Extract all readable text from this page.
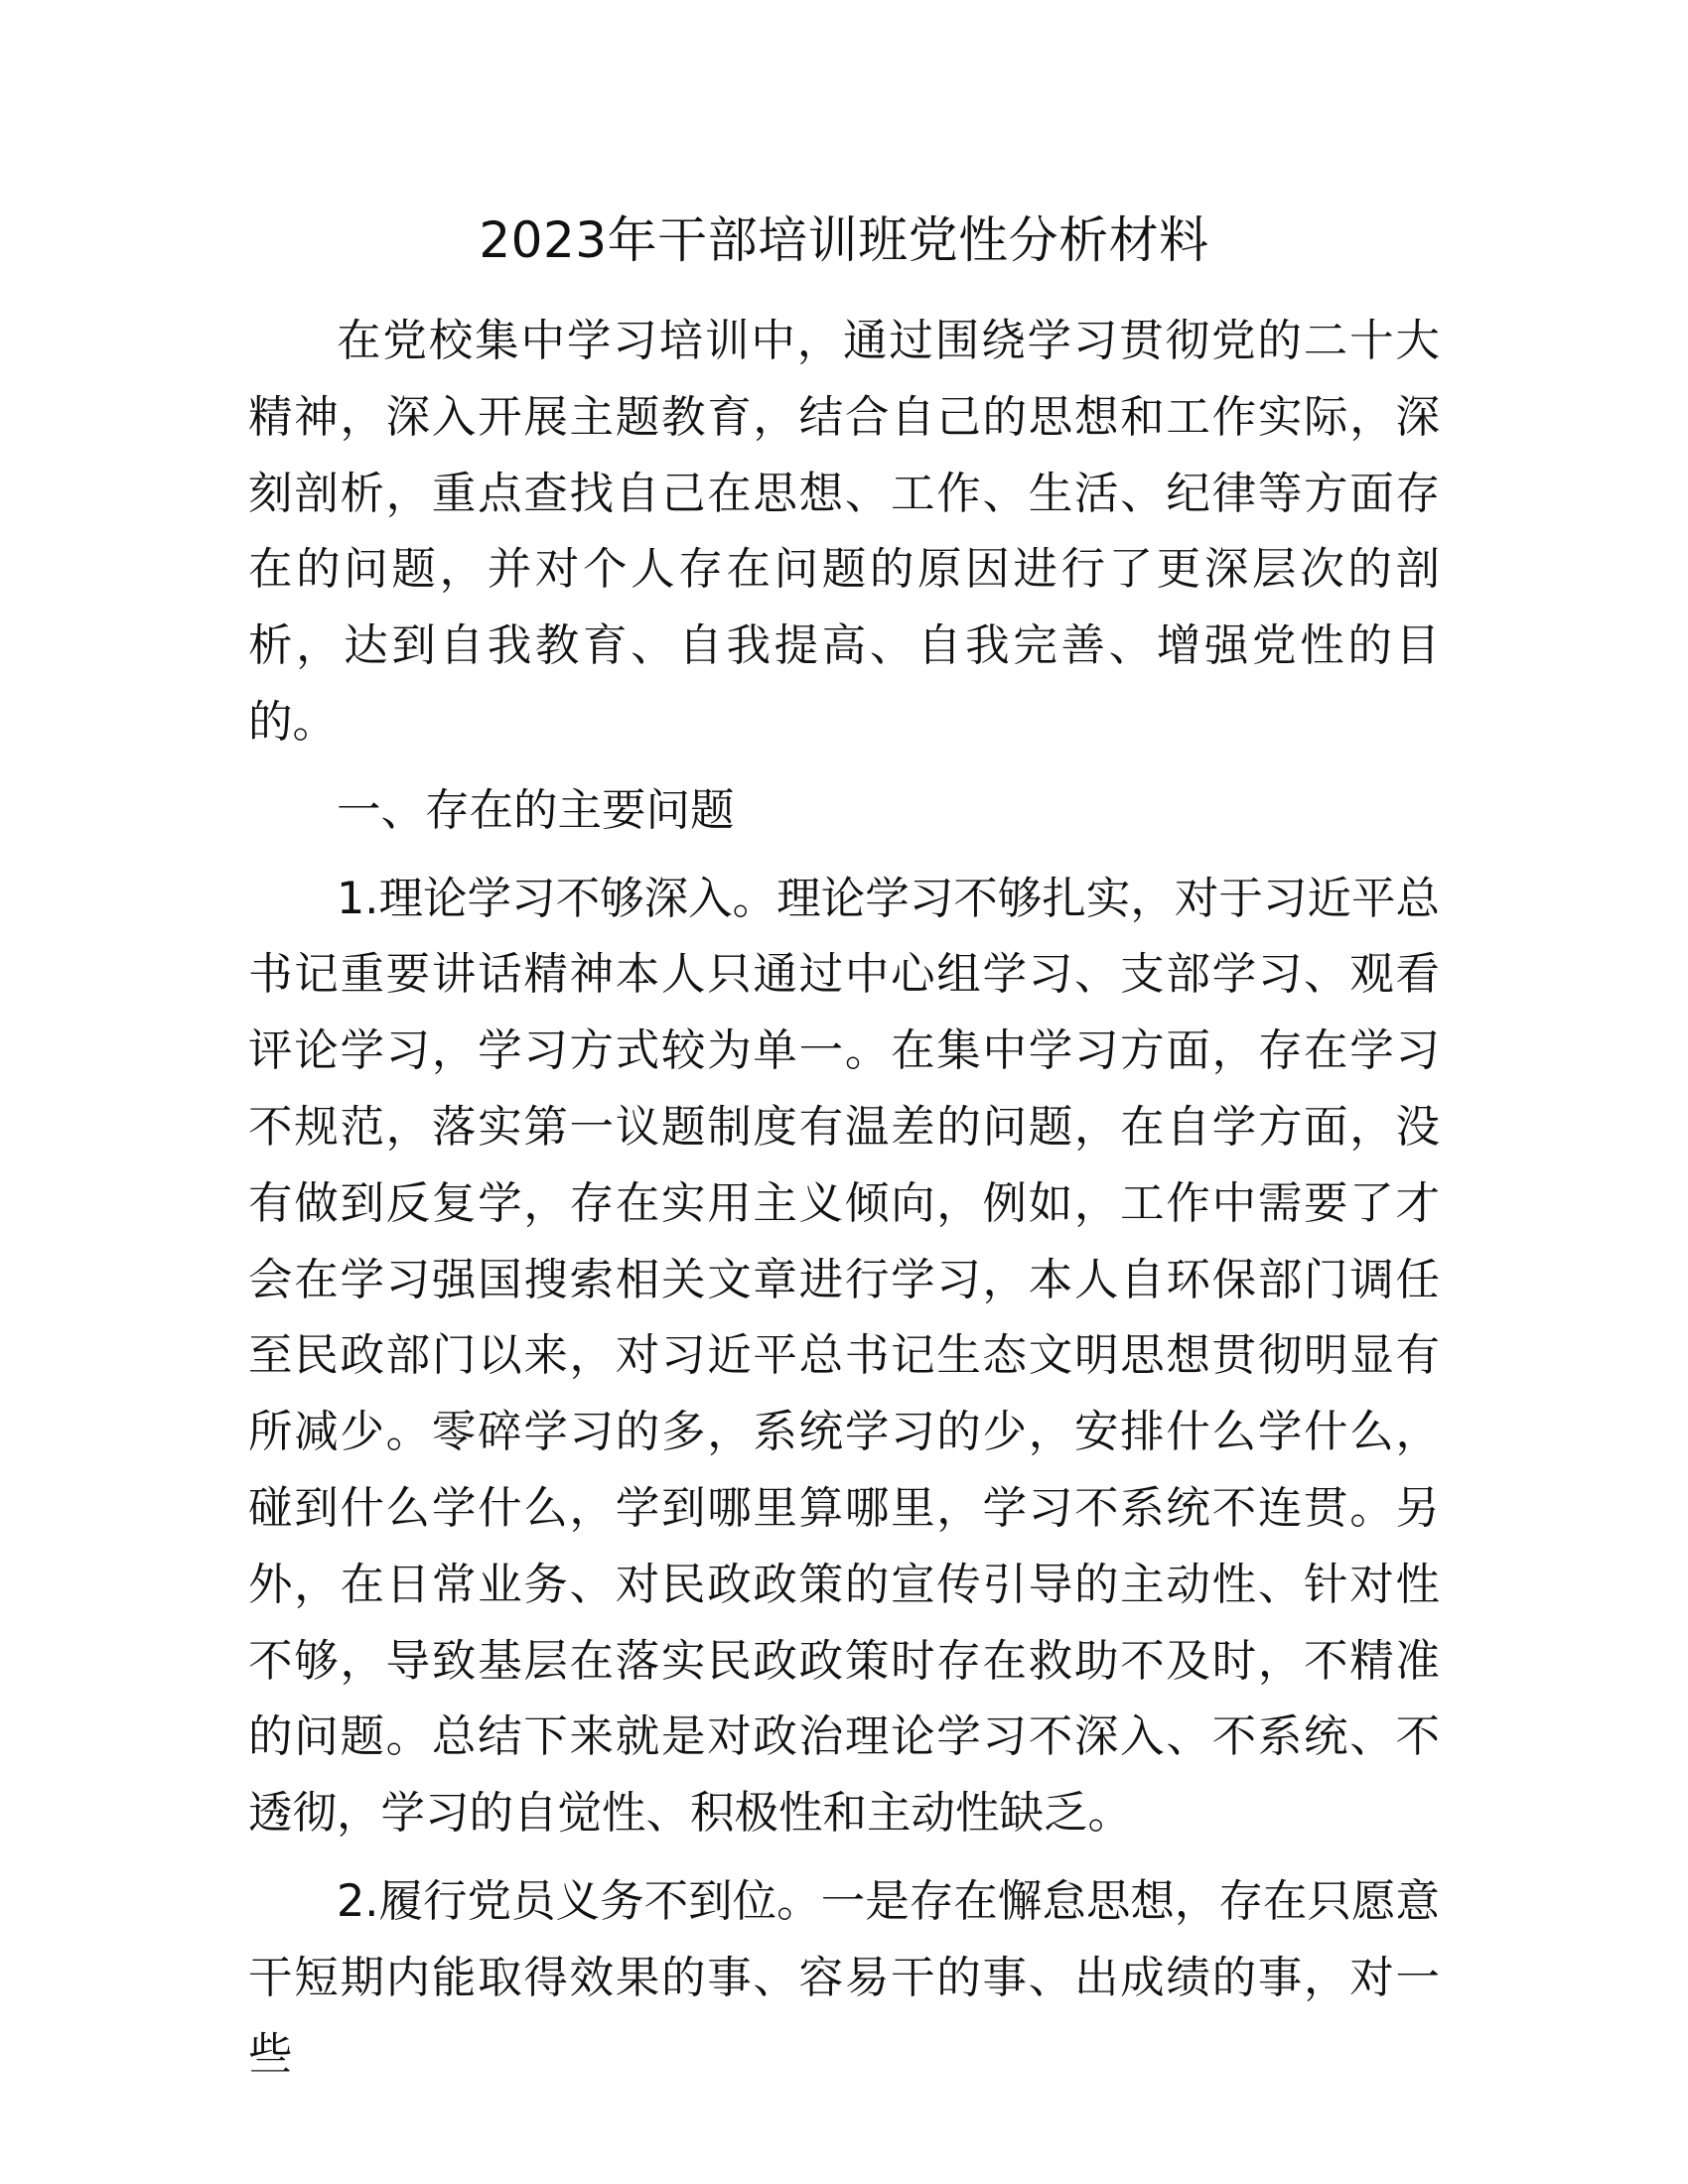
2023年干部培训班党性分析材料

在党校集中学习培训中，通过围绕学习贯彻党的二十大精神，深入开展主题教育，结合自己的思想和工作实际，深刻剖析，重点查找自己在思想、工作、生活、纪律等方面存在的问题，并对个人存在问题的原因进行了更深层次的剖析，达到自我教育、自我提高、自我完善、增强党性的目的。

一、存在的主要问题

1.理论学习不够深入。理论学习不够扎实，对于习近平总书记重要讲话精神本人只通过中心组学习、支部学习、观看评论学习，学习方式较为单一。在集中学习方面，存在学习不规范，落实第一议题制度有温差的问题，在自学方面，没有做到反复学，存在实用主义倾向，例如，工作中需要了才会在学习强国搜索相关文章进行学习，本人自环保部门调任至民政部门以来，对习近平总书记生态文明思想贯彻明显有所减少。零碎学习的多，系统学习的少，安排什么学什么，碰到什么学什么，学到哪里算哪里，学习不系统不连贯。另外，在日常业务、对民政政策的宣传引导的主动性、针对性不够，导致基层在落实民政政策时存在救助不及时，不精准的问题。总结下来就是对政治理论学习不深入、不系统、不透彻，学习的自觉性、积极性和主动性缺乏。

2.履行党员义务不到位。一是存在懈怠思想，存在只愿意干短期内能取得效果的事、容易干的事、出成绩的事，对一些
